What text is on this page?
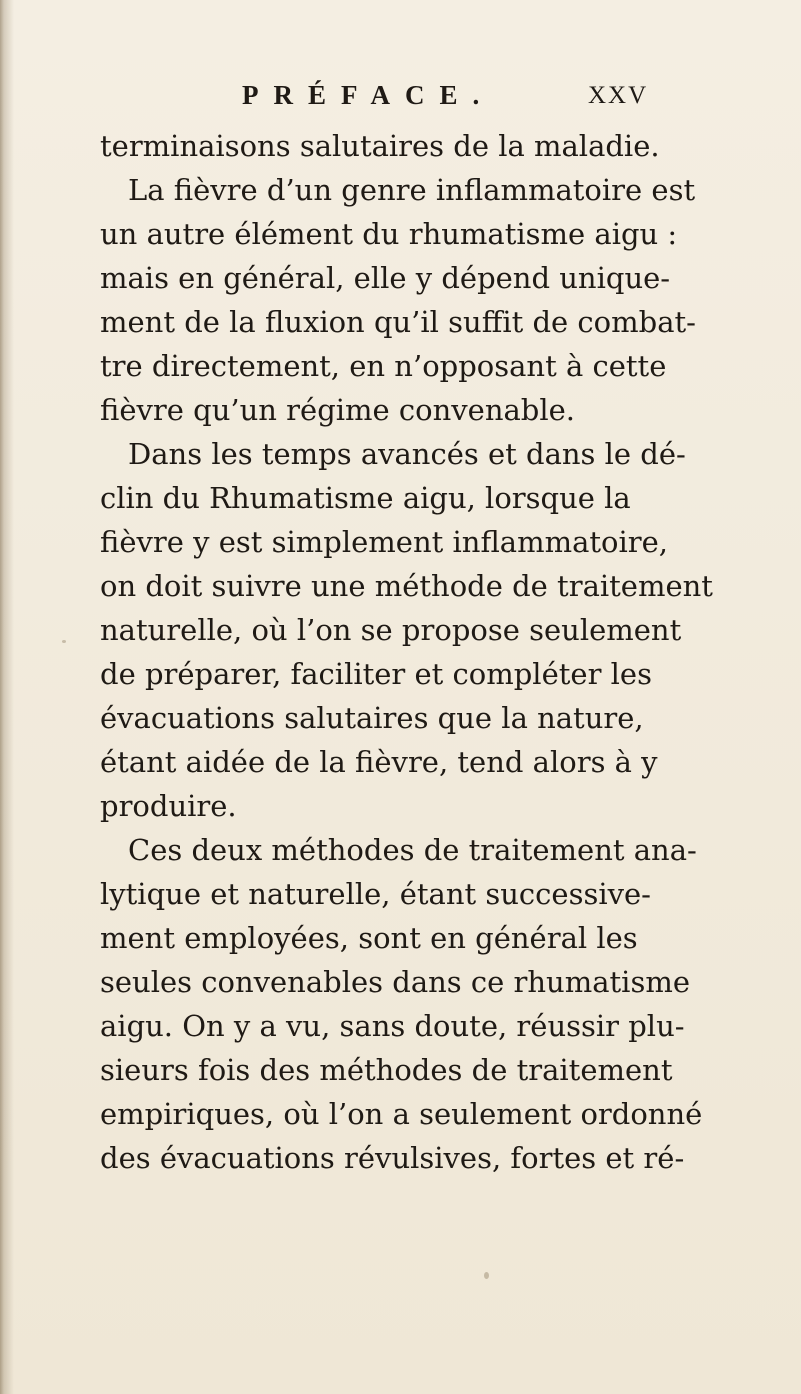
PRÉFACE.	XXV
terminaisons salutaires de la maladie.
La fièvre d’un genre inflammatoire est
un autre élément du rhumatisme aigu :
mais en général, elle y dépend unique-
ment de la fluxion qu’il suffit de combat-
tre directement, en n’opposant à cette
fièvre qu’un régime convenable.
Dans les temps avancés et dans le dé-
clin du Rhumatisme aigu, lorsque la
fièvre y est simplement inflammatoire,
on doit suivre une méthode de traitement
naturelle, où l’on se propose seulement
de préparer, faciliter et compléter les
évacuations salutaires que la nature,
étant aidée de la fièvre, tend alors à y
produire.
Ces deux méthodes de traitement ana-
lytique et naturelle, étant successive-
ment employées, sont en général les
seules convenables dans ce rhumatisme
aigu. On y a vu, sans doute, réussir plu-
sieurs fois des méthodes de traitement
empiriques, où l’on a seulement ordonné
des évacuations révulsives, fortes et ré-
